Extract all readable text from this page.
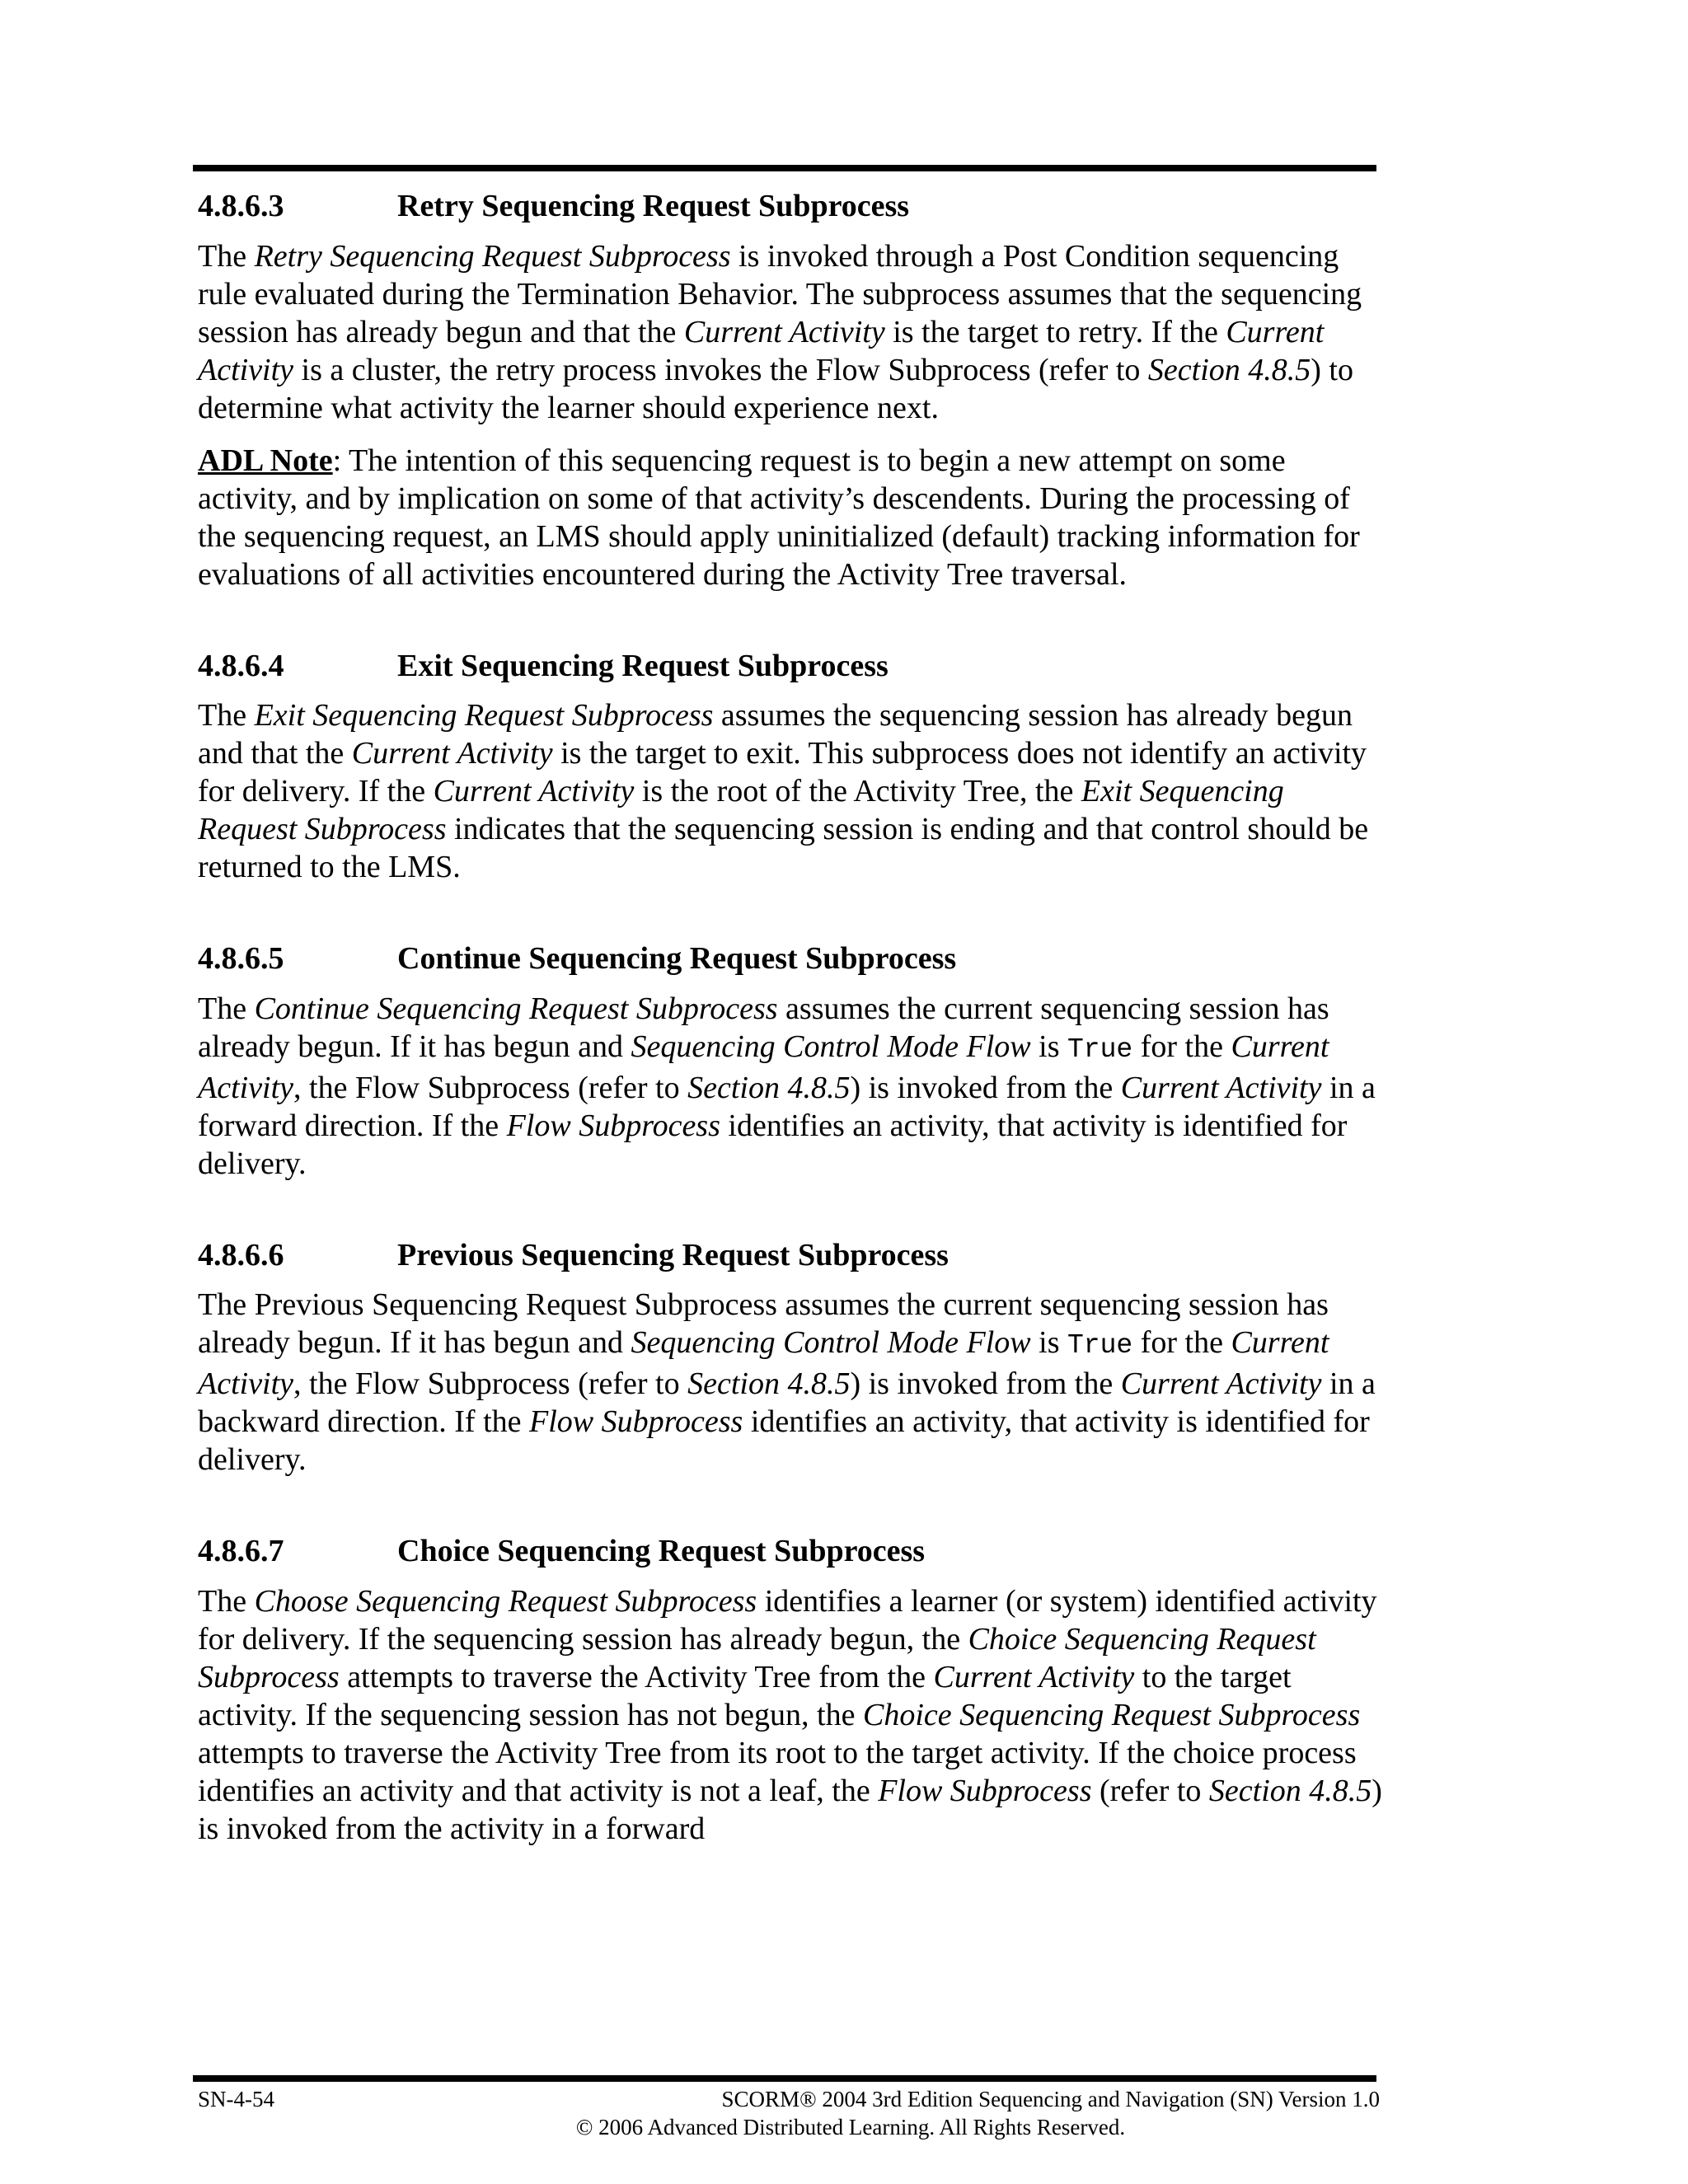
4.8.6.3	Retry Sequencing Request Subprocess

The Retry Sequencing Request Subprocess is invoked through a Post Condition sequencing rule evaluated during the Termination Behavior. The subprocess assumes that the sequencing session has already begun and that the Current Activity is the target to retry. If the Current Activity is a cluster, the retry process invokes the Flow Subprocess (refer to Section 4.8.5) to determine what activity the learner should experience next.

ADL Note: The intention of this sequencing request is to begin a new attempt on some activity, and by implication on some of that activity’s descendents. During the processing of the sequencing request, an LMS should apply uninitialized (default) tracking information for evaluations of all activities encountered during the Activity Tree traversal.

4.8.6.4	Exit Sequencing Request Subprocess

The Exit Sequencing Request Subprocess assumes the sequencing session has already begun and that the Current Activity is the target to exit. This subprocess does not identify an activity for delivery. If the Current Activity is the root of the Activity Tree, the Exit Sequencing Request Subprocess indicates that the sequencing session is ending and that control should be returned to the LMS.

4.8.6.5	Continue Sequencing Request Subprocess

The Continue Sequencing Request Subprocess assumes the current sequencing session has already begun. If it has begun and Sequencing Control Mode Flow is True for the Current Activity, the Flow Subprocess (refer to Section 4.8.5) is invoked from the Current Activity in a forward direction. If the Flow Subprocess identifies an activity, that activity is identified for delivery.

4.8.6.6	Previous Sequencing Request Subprocess

The Previous Sequencing Request Subprocess assumes the current sequencing session has already begun. If it has begun and Sequencing Control Mode Flow is True for the Current Activity, the Flow Subprocess (refer to Section 4.8.5) is invoked from the Current Activity in a backward direction. If the Flow Subprocess identifies an activity, that activity is identified for delivery.

4.8.6.7	Choice Sequencing Request Subprocess

The Choose Sequencing Request Subprocess identifies a learner (or system) identified activity for delivery. If the sequencing session has already begun, the Choice Sequencing Request Subprocess attempts to traverse the Activity Tree from the Current Activity to the target activity. If the sequencing session has not begun, the Choice Sequencing Request Subprocess attempts to traverse the Activity Tree from its root to the target activity. If the choice process identifies an activity and that activity is not a leaf, the Flow Subprocess (refer to Section 4.8.5) is invoked from the activity in a forward

SN-4-54	SCORM® 2004 3rd Edition Sequencing and Navigation (SN) Version 1.0
© 2006 Advanced Distributed Learning. All Rights Reserved.
